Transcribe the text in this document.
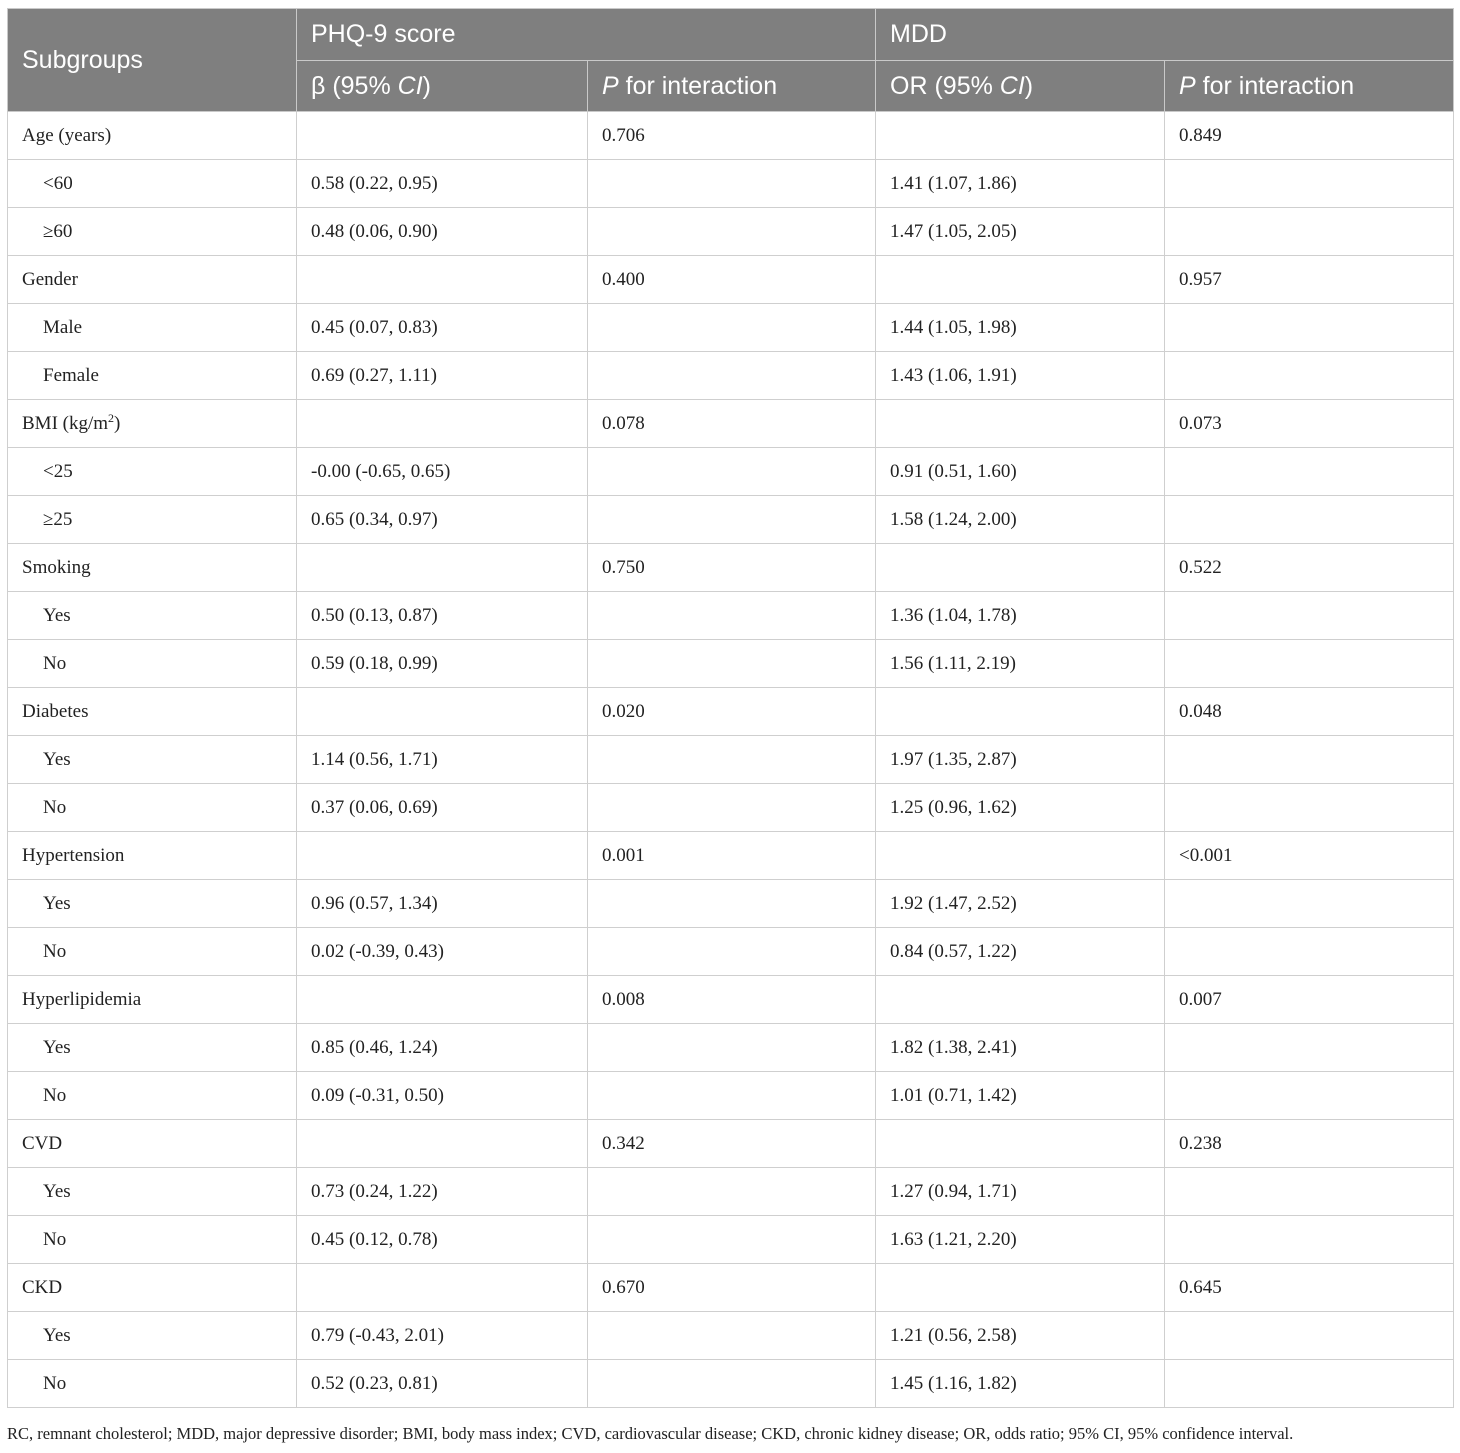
Subgroups	PHQ-9 score		MDD	
	β (95% CI)	P for interaction	OR (95% CI)	P for interaction
Age (years)		0.706		0.849
<60	0.58 (0.22, 0.95)		1.41 (1.07, 1.86)	
≥60	0.48 (0.06, 0.90)		1.47 (1.05, 2.05)	
Gender		0.400		0.957
Male	0.45 (0.07, 0.83)		1.44 (1.05, 1.98)	
Female	0.69 (0.27, 1.11)		1.43 (1.06, 1.91)	
BMI $(kg/m^2)$		0.078		0.073
<25	-0.00 (-0.65, 0.65)		0.91 (0.51, 1.60)	
≥25	0.65 (0.34, 0.97)		1.58 (1.24, 2.00)	
Smoking		0.750		0.522
Yes	0.50 (0.13, 0.87)		1.36 (1.04, 1.78)	
No	0.59 (0.18, 0.99)		1.56 (1.11, 2.19)	
Diabetes		0.020		0.048
Yes	1.14 (0.56, 1.71)		1.97 (1.35, 2.87)	
No	0.37 (0.06, 0.69)		1.25 (0.96, 1.62)	
Hypertension		0.001		<0.001
Yes	0.96 (0.57, 1.34)		1.92 (1.47, 2.52)	
No	0.02 (-0.39, 0.43)		0.84 (0.57, 1.22)	
Hyperlipidemia		0.008		0.007
Yes	0.85 (0.46, 1.24)		1.82 (1.38, 2.41)	
No	0.09 (-0.31, 0.50)		1.01 (0.71, 1.42)	
CVD		0.342		0.238
Yes	0.73 (0.24, 1.22)		1.27 (0.94, 1.71)	
No	0.45 (0.12, 0.78)		1.63 (1.21, 2.20)	
CKD		0.670		0.645
Yes	0.79 (-0.43, 2.01)		1.21 (0.56, 2.58)	
No	0.52 (0.23, 0.81)		1.45 (1.16, 1.82)	
RC, remnant cholesterol; MDD, major depressive disorder; BMI, body mass index; CVD, cardiovascular disease; CKD, chronic kidney disease; OR, odds ratio; 95% CI, 95% confidence interval.
